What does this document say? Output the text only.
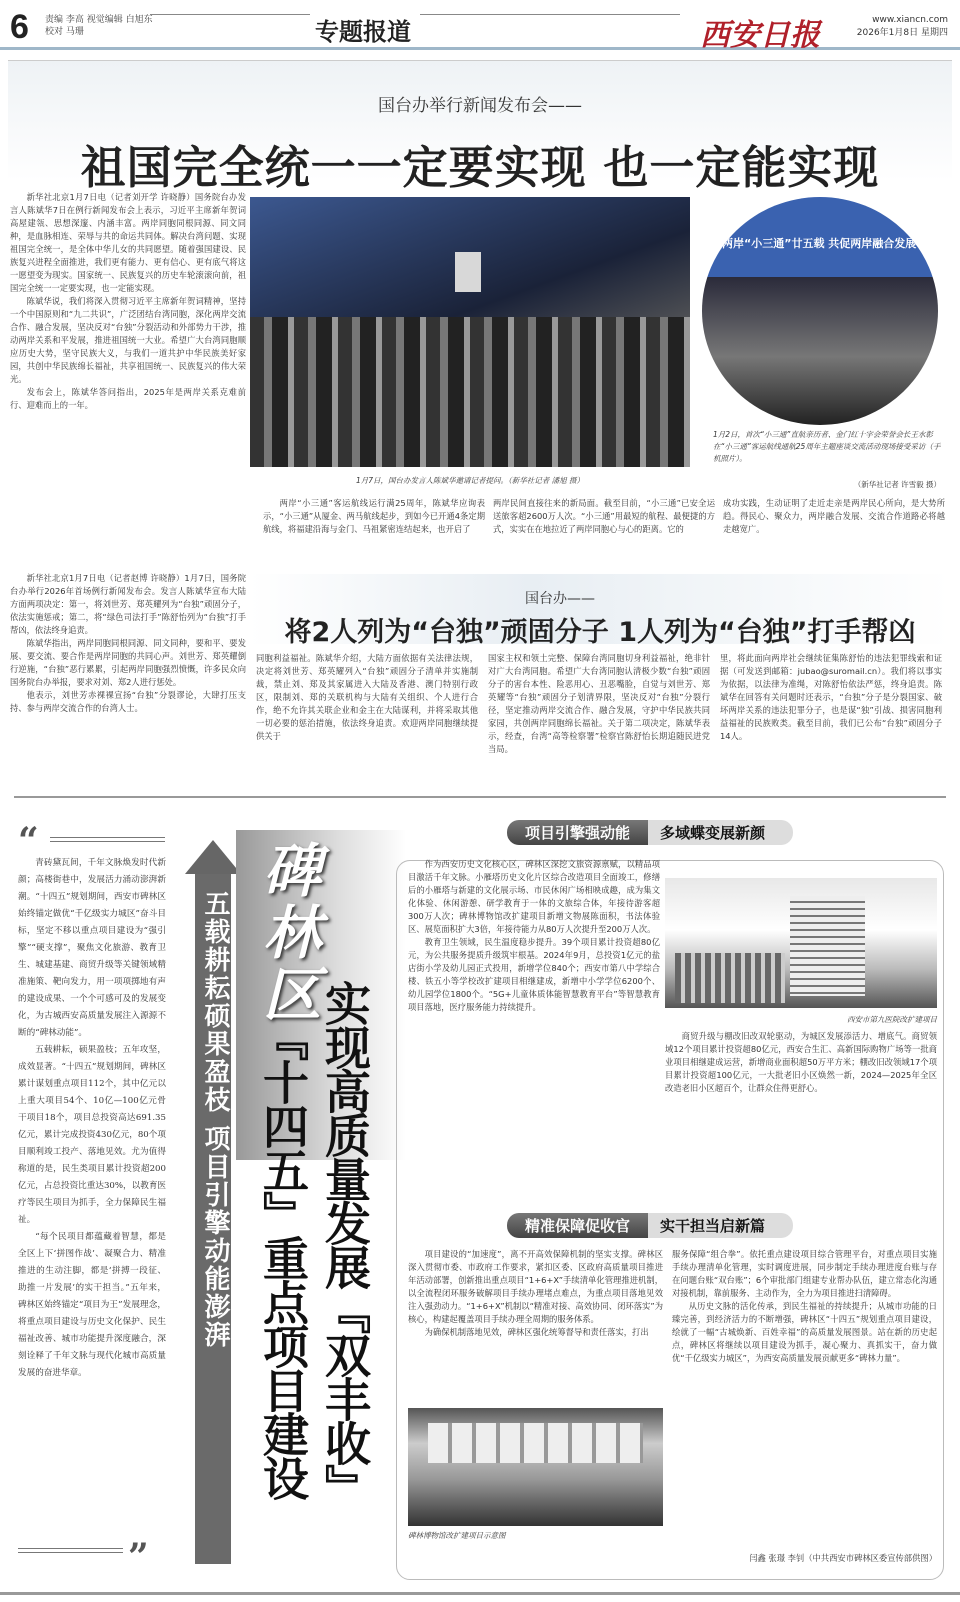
6 责编 李高 视觉编辑 白旭东
校对 马珊	专题报道	西安日报	www.xiancn.com
2026年1月8日 星期四
国台办举行新闻发布会——
祖国完全统一一定要实现 也一定能实现

新华社北京1月7日电（记者刘开学 许晓静）国务院台办发言人陈斌华7日在例行新闻发布会上表示，习近平主席新年贺词高屋建瓴、思想深邃、内涵丰富。两岸同胞同根同源、同文同种，是血脉相连、荣辱与共的命运共同体。解决台湾问题、实现祖国完全统一，是全体中华儿女的共同愿望。随着强国建设、民族复兴进程全面推进，我们更有能力、更有信心、更有底气将这一愿望变为现实。国家统一、民族复兴的历史车轮滚滚向前，祖国完全统一一定要实现，也一定能实现。

陈斌华说，我们将深入贯彻习近平主席新年贺词精神，坚持一个中国原则和“九二共识”，广泛团结台湾同胞，深化两岸交流合作、融合发展，坚决反对“台独”分裂活动和外部势力干涉，推动两岸关系和平发展，推进祖国统一大业。希望广大台湾同胞顺应历史大势，坚守民族大义，与我们一道共护中华民族美好家园，共创中华民族绵长福祉，共享祖国统一、民族复兴的伟大荣光。

发布会上，陈斌华答问指出，2025年是两岸关系克难前行、迎难而上的一年。

1月7日，国台办发言人陈斌华邀请记者提问。（新华社记者 潘旭 摄）
两岸“小三通”廿五载 共促两岸融合发展
1月2日，首次“小三通”直航亲历者、金门红十字会荣誉会长王水彰在“小三通”客运航线通航25周年主题座谈交流活动现场接受采访（手机照片）。
（新华社记者 许雪毅 摄）

两岸“小三通”客运航线运行满25周年，陈斌华应询表示，“小三通”从厦金、两马航线起步，到如今已开通4条定期航线，将福建沿海与金门、马祖紧密连结起来，也开启了

两岸民间直接往来的新局面。截至目前，“小三通”已安全运送旅客超2600万人次。“小三通”用最短的航程、最便捷的方式，实实在在地拉近了两岸同胞心与心的距离。它的
成功实践，生动证明了走近走亲是两岸民心所向，是大势所趋。得民心、聚众力，两岸融合发展、交流合作道路必将越走越宽广。

新华社北京1月7日电（记者赵博 许晓静）1月7日，国务院台办举行2026年首场例行新闻发布会。发言人陈斌华宣布大陆方面两项决定：第一，将刘世芳、郑英耀列为“台独”顽固分子，依法实施惩戒；第二，将“绿色司法打手”陈舒怡列为“台独”打手帮凶，依法终身追责。

陈斌华指出，两岸同胞同根同源、同文同种，要和平、要发展、要交流、要合作是两岸同胞的共同心声。刘世芳、郑英耀倒行逆施，“台独”恶行累累，引起两岸同胞强烈愤慨，许多民众向国务院台办举报，要求对刘、郑2人进行惩处。

他表示，刘世芳赤裸裸宣扬“台独”分裂谬论，大肆打压支持、参与两岸交流合作的台湾人士。

国台办——
将2人列为“台独”顽固分子 1人列为“台独”打手帮凶
同胞利益福祉。陈斌华介绍，大陆方面依据有关法律法规，决定将刘世芳、郑英耀列入“台独”顽固分子清单并实施制裁，禁止刘、郑及其家属进入大陆及香港、澳门特别行政区，限制刘、郑的关联机构与大陆有关组织、个人进行合作，绝不允许其关联企业和金主在大陆谋利，并将采取其他一切必要的惩治措施，依法终身追责。欢迎两岸同胞继续提供关于
国家主权和领土完整、保障台湾同胞切身利益福祉，绝非针对广大台湾同胞。希望广大台湾同胞认清极少数“台独”顽固分子的害台本性、险恶用心、丑恶嘴脸，自觉与刘世芳、郑英耀等“台独”顽固分子划清界限，坚决反对“台独”分裂行径，坚定推动两岸交流合作、融合发展，守护中华民族共同家园，共创两岸同胞绵长福祉。关于第二项决定，陈斌华表示，经查，台湾“高等检察署”检察官陈舒怡长期追随民进党当局。
里，将此面向两岸社会继续征集陈舒怡的违法犯罪线索和证据（可发送到邮箱：jubao@suromail.cn）。我们将以事实为依据，以法律为准绳，对陈舒怡依法严惩，终身追责。陈斌华在回答有关问题时还表示，“台独”分子是分裂国家、破坏两岸关系的违法犯罪分子，也是谋“独”引战、损害同胞利益福祉的民族败类。截至目前，我们已公布“台独”顽固分子14人。
“

青砖黛瓦间，千年文脉焕发时代新颜；高楼街巷中，发展活力涌动澎湃新潮。“十四五”规划期间，西安市碑林区始终锚定做优“千亿级实力城区”奋斗目标，坚定不移以重点项目建设为“强引擎”“硬支撑”，聚焦文化旅游、教育卫生、城建基建、商贸升级等关键领域精准施策、靶向发力，用一项项掷地有声的建设成果、一个个可感可及的发展变化，为古城西安高质量发展注入源源不断的“碑林动能”。

五载耕耘，硕果盈枝；五年攻坚，成效显著。“十四五”规划期间，碑林区累计谋划重点项目112个，其中亿元以上重大项目54个、10亿—100亿元骨干项目18个，项目总投资高达691.35亿元，累计完成投资430亿元，80个项目顺利竣工投产、落地见效。尤为值得称道的是，民生类项目累计投资超200亿元，占总投资比重达30%，以教育医疗等民生项目为抓手，全力保障民生福祉。

“每个民项目都蕴藏着智慧，都是全区上下‘拼图作战’、凝聚合力、精准推进的生动注脚，都是‘拼搏一段征、助推一片发展’的实干担当。”五年来，碑林区始终锚定“项目为王”发展理念，将重点项目建设与历史文化保护、民生福祉改善、城市功能提升深度融合，深刻诠释了千年文脉与现代化城市高质量发展的奋进华章。

”
五载耕耘硕果盈枝 项目引擎动能澎湃 碑林区
实现高质量发展『双丰收』
『十四五』重点项目建设
项目引擎强动能	多域蝶变展新颜

作为西安历史文化核心区，碑林区深挖文旅资源禀赋，以精品项目激活千年文脉。小雁塔历史文化片区综合改造项目全面竣工，修缮后的小雁塔与新建的文化展示场、市民休闲广场相映成趣，成为集文化体验、休闲游憩、研学教育于一体的文旅综合体，年接待游客超300万人次；碑林博物馆改扩建项目新增文物展陈面积，书法体验区、展览面积扩大3倍，年接待能力从80万人次提升至200万人次。

教育卫生领域，民生温度稳步提升。39个项目累计投资超80亿元，为公共服务提质升级筑牢根基。2024年9月，总投资1亿元的盐店街小学及幼儿园正式投用，新增学位840个；西安市第八中学综合楼、铁五小等学校改扩建项目相继建成，新增中小学学位6200个、幼儿园学位1800个。“5G+儿童体质体能智慧教育平台”等智慧教育项目落地，医疗服务能力持续提升。

西安市第九医院改扩建项目

商贸升级与棚改旧改双轮驱动，为城区发展添活力、增底气。商贸领域12个项目累计投资超80亿元，西安合生汇、高新国际购物广场等一批商业项目相继建成运营，新增商业面积超50万平方米；棚改旧改领域17个项目累计投资超100亿元，一大批老旧小区焕然一新，2024—2025年全区改造老旧小区超百个，让群众住得更舒心。

精准保障促收官	实干担当启新篇

项目建设的“加速度”，离不开高效保障机制的坚实支撑。碑林区深入贯彻市委、市政府工作要求，紧扣区委、区政府高质量项目推进年活动部署，创新推出重点项目“1+6+X”手续清单化管理推进机制，以全流程闭环服务破解项目手续办理堵点难点，为重点项目落地见效注入强劲动力。“1+6+X”机制以“精准对接、高效协同、闭环落实”为核心，构建起覆盖项目手续办理全周期的服务体系。

为确保机制落地见效，碑林区强化统筹督导和责任落实，打出

碑林博物馆改扩建项目示意图
服务保障“组合拳”。依托重点建设项目综合管理平台，对重点项目实施手续办理清单化管理，实时调度进展，同步制定手续办理进度台账与存在问题台账“双台账”；6个审批部门组建专业帮办队伍，建立常态化沟通对接机制，靠前服务、主动作为，全力为项目推进扫清障碍。

从历史文脉的活化传承，到民生福祉的持续提升；从城市功能的日臻完善，到经济活力的不断增强，碑林区“十四五”规划重点项目建设，绘就了一幅“古城焕新、百姓幸福”的高质量发展图景。站在新的历史起点，碑林区将继续以项目建设为抓手，凝心聚力、真抓实干，奋力做优“千亿级实力城区”，为西安高质量发展贡献更多“碑林力量”。

闫鑫 张璟 李钊（中共西安市碑林区委宣传部供图）
